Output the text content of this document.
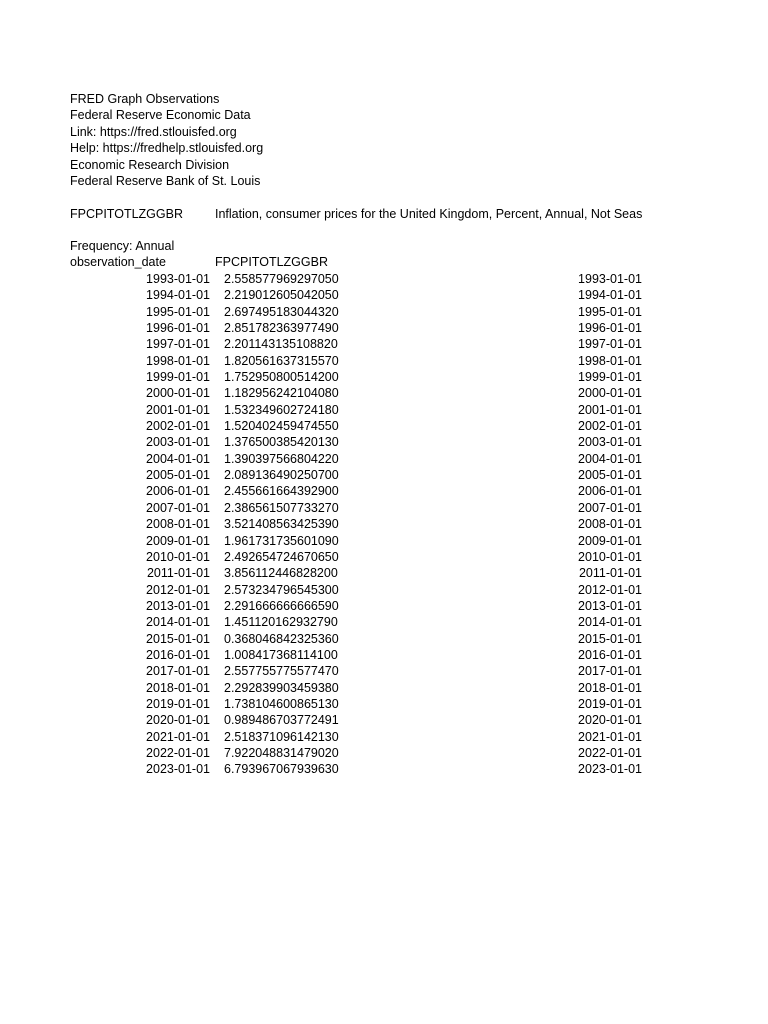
FRED Graph Observations
Federal Reserve Economic Data
Link: https://fred.stlouisfed.org
Help: https://fredhelp.stlouisfed.org
Economic Research Division
Federal Reserve Bank of St. Louis
FPCPITOTLZGGBR	Inflation, consumer prices for the United Kingdom, Percent, Annual, Not Seas
Frequency: Annual
observation_date	FPCPITOTLZGGBR
1993-01-01 2.558577969297050	1993-01-01
1994-01-01 2.219012605042050	1994-01-01
1995-01-01 2.697495183044320	1995-01-01
1996-01-01 2.851782363977490	1996-01-01
1997-01-01 2.201143135108820	1997-01-01
1998-01-01 1.820561637315570	1998-01-01
1999-01-01 1.752950800514200	1999-01-01
2000-01-01 1.182956242104080	2000-01-01
2001-01-01 1.532349602724180	2001-01-01
2002-01-01 1.520402459474550	2002-01-01
2003-01-01 1.376500385420130	2003-01-01
2004-01-01 1.390397566804220	2004-01-01
2005-01-01 2.089136490250700	2005-01-01
2006-01-01 2.455661664392900	2006-01-01
2007-01-01 2.386561507733270	2007-01-01
2008-01-01 3.521408563425390	2008-01-01
2009-01-01 1.961731735601090	2009-01-01
2010-01-01 2.492654724670650	2010-01-01
2011-01-01 3.856112446828200	2011-01-01
2012-01-01 2.573234796545300	2012-01-01
2013-01-01 2.291666666666590	2013-01-01
2014-01-01 1.451120162932790	2014-01-01
2015-01-01 0.368046842325360	2015-01-01
2016-01-01 1.008417368114100	2016-01-01
2017-01-01 2.557755775577470	2017-01-01
2018-01-01 2.292839903459380	2018-01-01
2019-01-01 1.738104600865130	2019-01-01
2020-01-01 0.989486703772491	2020-01-01
2021-01-01 2.518371096142130	2021-01-01
2022-01-01 7.922048831479020	2022-01-01
2023-01-01 6.793967067939630	2023-01-01
